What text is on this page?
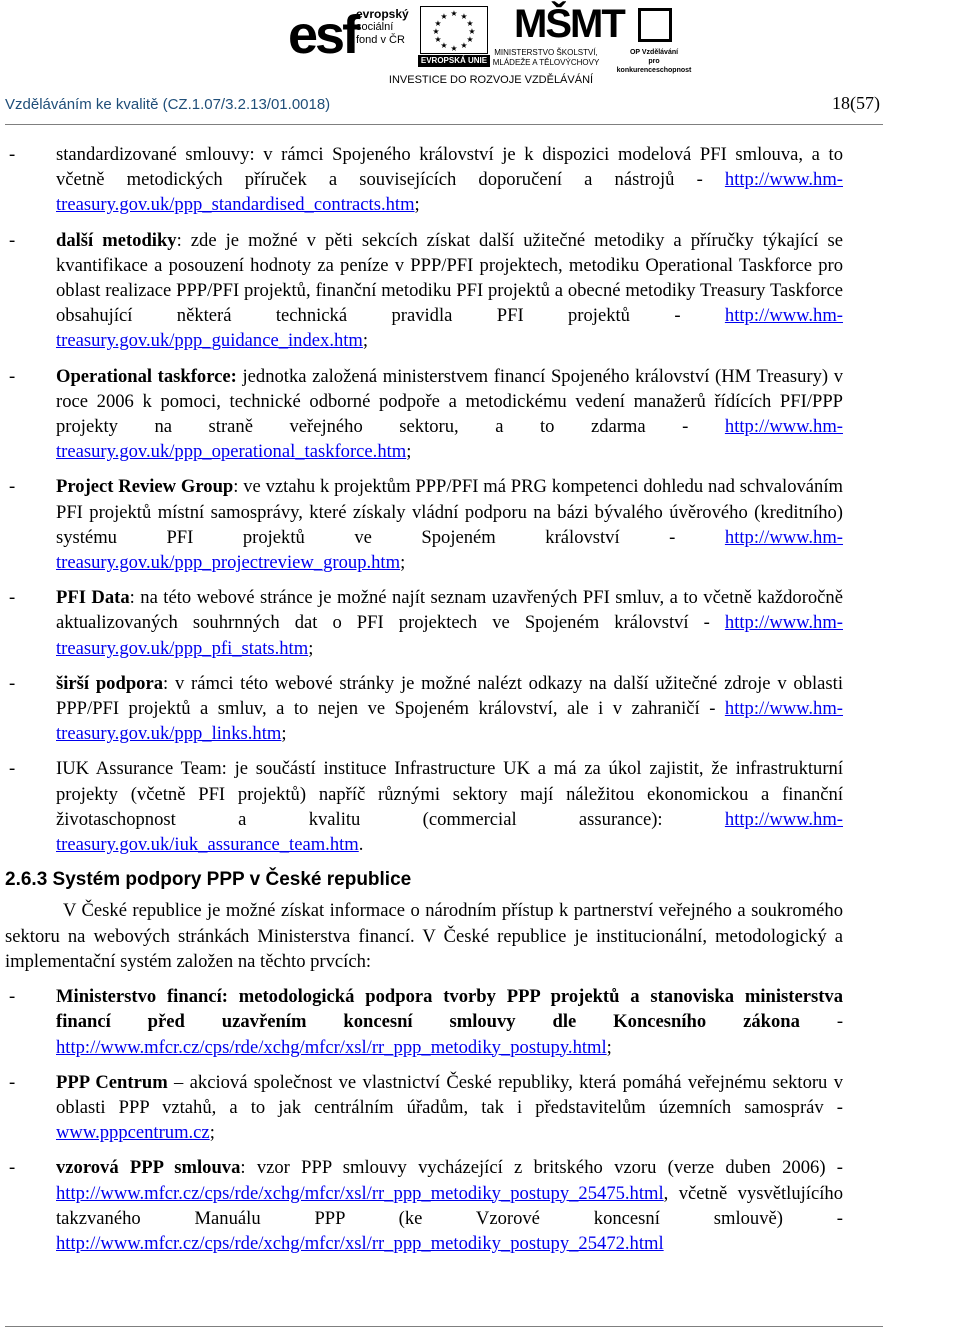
esf
evropský
sociální
fond v ČR
★ ★
★
★
★
★
★
★
★
★
★
★
EVROPSKÁ UNIE
MŠMT
MINISTERSTVO ŠKOLSTVÍ,
MLÁDEŽE A TĚLOVÝCHOVY
OP Vzdělávání
pro konkurenceschopnost
INVESTICE DO ROZVOJE VZDĚLÁVÁNÍ
Vzděláváním ke kvalitě (CZ.1.07/3.2.13/01.0018)	18(57)
- standardizované smlouvy: v rámci Spojeného království je k dispozici modelová PFI smlouva, a to včetně metodických příruček a souvisejících doporučení a nástrojů - http://www.hm-treasury.gov.uk/ppp_standardised_contracts.htm;
- další metodiky: zde je možné v pěti sekcích získat další užitečné metodiky a příručky týkající se kvantifikace a posouzení hodnoty za peníze v PPP/PFI projektech, metodiku Operational Taskforce pro oblast realizace PPP/PFI projektů, finanční metodiku PFI projektů a obecné metodiky Treasury Taskforce obsahující některá technická pravidla PFI projektů - http://www.hm-treasury.gov.uk/ppp_guidance_index.htm;
- Operational taskforce: jednotka založená ministerstvem financí Spojeného království (HM Treasury) v roce 2006 k pomoci, technické odborné podpoře a metodickému vedení manažerů řídících PFI/PPP projekty na straně veřejného sektoru, a to zdarma - http://www.hm-treasury.gov.uk/ppp_operational_taskforce.htm;
- Project Review Group: ve vztahu k projektům PPP/PFI má PRG kompetenci dohledu nad schvalováním PFI projektů místní samosprávy, které získaly vládní podporu na bázi bývalého úvěrového (kreditního) systému PFI projektů ve Spojeném království - http://www.hm-treasury.gov.uk/ppp_projectreview_group.htm;
- PFI Data: na této webové stránce je možné najít seznam uzavřených PFI smluv, a to včetně každoročně aktualizovaných souhrnných dat o PFI projektech ve Spojeném království - http://www.hm-treasury.gov.uk/ppp_pfi_stats.htm;
- širší podpora: v rámci této webové stránky je možné nalézt odkazy na další užitečné zdroje v oblasti PPP/PFI projektů a smluv, a to nejen ve Spojeném království, ale i v zahraničí - http://www.hm-treasury.gov.uk/ppp_links.htm;
- IUK Assurance Team: je součástí instituce Infrastructure UK a má za úkol zajistit, že infrastrukturní projekty (včetně PFI projektů) napříč různými sektory mají náležitou ekonomickou a finanční životaschopnost a kvalitu (commercial assurance): http://www.hm-treasury.gov.uk/iuk_assurance_team.htm.
2.6.3 Systém podpory PPP v České republice

V České republice je možné získat informace o národním přístup k partnerství veřejného a soukromého sektoru na webových stránkách Ministerstva financí. V České republice je institucionální, metodologický a implementační systém založen na těchto prvcích:

- Ministerstvo financí: metodologická podpora tvorby PPP projektů a stanoviska ministerstva financí před uzavřením koncesní smlouvy dle Koncesního zákona - http://www.mfcr.cz/cps/rde/xchg/mfcr/xsl/rr_ppp_metodiky_postupy.html;
- PPP Centrum – akciová společnost ve vlastnictví České republiky, která pomáhá veřejnému sektoru v oblasti PPP vztahů, a to jak centrálním úřadům, tak i představitelům územních samospráv - www.pppcentrum.cz;
- vzorová PPP smlouva: vzor PPP smlouvy vycházející z britského vzoru (verze duben 2006) - http://www.mfcr.cz/cps/rde/xchg/mfcr/xsl/rr_ppp_metodiky_postupy_25475.html, včetně vysvětlujícího takzvaného Manuálu PPP (ke Vzorové koncesní smlouvě) - http://www.mfcr.cz/cps/rde/xchg/mfcr/xsl/rr_ppp_metodiky_postupy_25472.html
